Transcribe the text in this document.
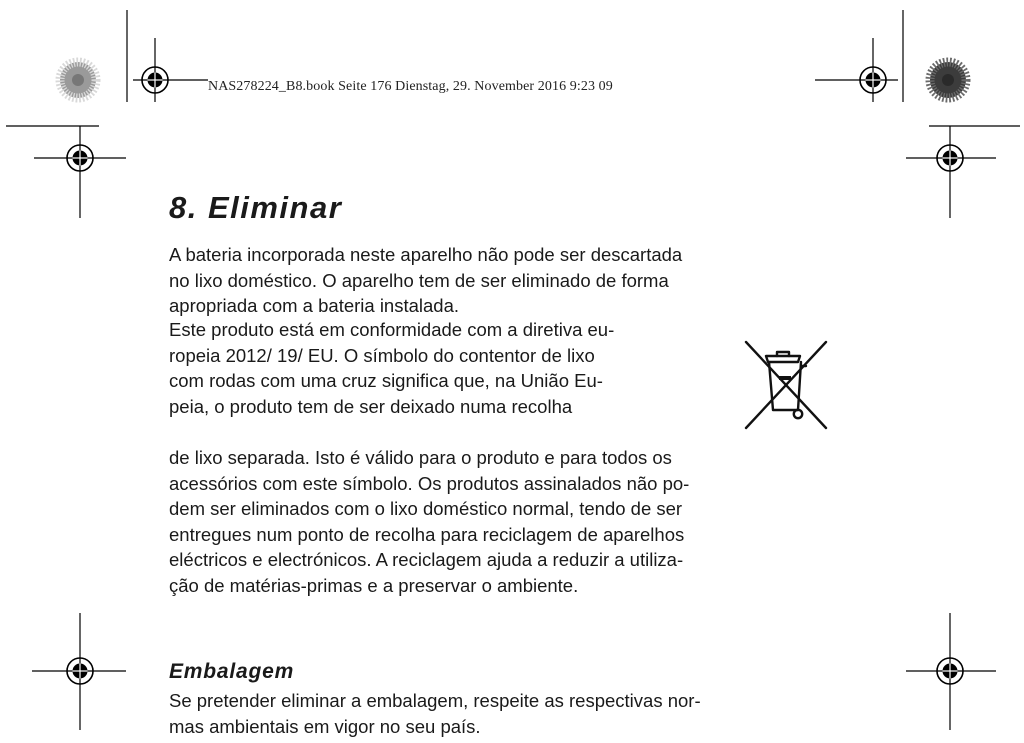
NAS278224_B8.book Seite 176 Dienstag, 29. November 2016 9:23 09
8. Eliminar

A bateria incorporada neste aparelho não pode ser descartada
no lixo doméstico. O aparelho tem de ser eliminado de forma
apropriada com a bateria instalada.

Este produto está em conformidade com a diretiva eu-
ropeia 2012/ 19/ EU. O símbolo do contentor de lixo
com rodas com uma cruz significa que, na União Eu-
peia, o produto tem de ser deixado numa recolha

de lixo separada. Isto é válido para o produto e para todos os
acessórios com este símbolo. Os produtos assinalados não po-
dem ser eliminados com o lixo doméstico normal, tendo de ser
entregues num ponto de recolha para reciclagem de aparelhos
eléctricos e electrónicos. A reciclagem ajuda a reduzir a utiliza-
ção de matérias-primas e a preservar o ambiente.

Embalagem

Se pretender eliminar a embalagem, respeite as respectivas nor-
mas ambientais em vigor no seu país.
